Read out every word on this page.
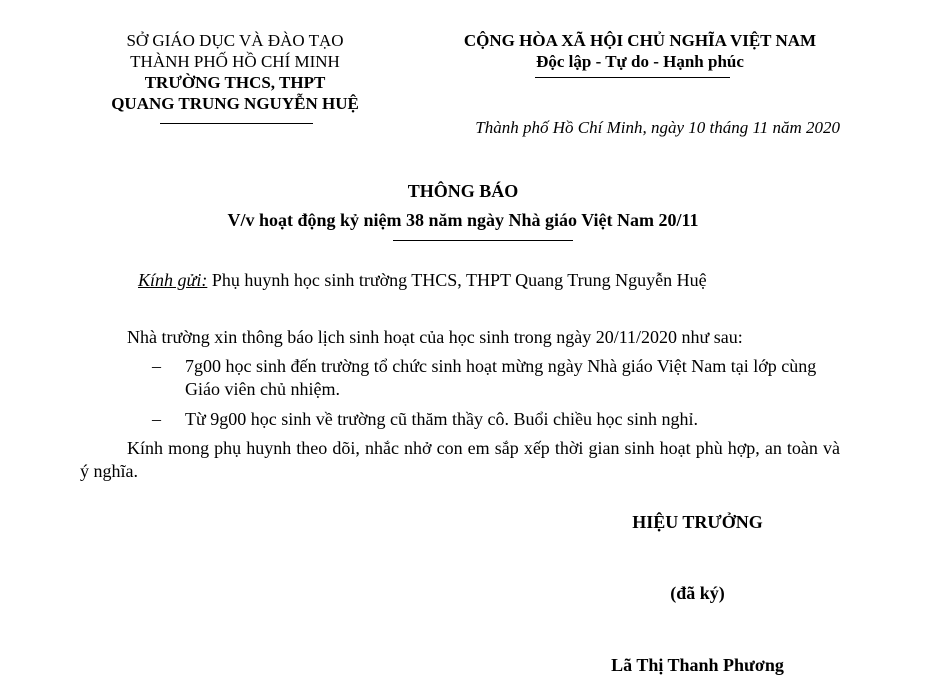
SỞ GIÁO DỤC VÀ ĐÀO TẠO
THÀNH PHỐ HỒ CHÍ MINH
TRƯỜNG THCS, THPT
QUANG TRUNG NGUYỄN HUỆ
CỘNG HÒA XÃ HỘI CHỦ NGHĨA VIỆT NAM
Độc lập - Tự do - Hạnh phúc
Thành phố Hồ Chí Minh, ngày 10 tháng 11 năm 2020
THÔNG BÁO
V/v hoạt động kỷ niệm 38 năm ngày Nhà giáo Việt Nam 20/11
Kính gửi: Phụ huynh học sinh trường THCS, THPT Quang Trung Nguyễn Huệ
Nhà trường xin thông báo lịch sinh hoạt của học sinh trong ngày 20/11/2020 như sau:
– 7g00 học sinh đến trường tổ chức sinh hoạt mừng ngày Nhà giáo Việt Nam tại lớp cùng Giáo viên chủ nhiệm.
– Từ 9g00 học sinh về trường cũ thăm thầy cô. Buổi chiều học sinh nghỉ.
Kính mong phụ huynh theo dõi, nhắc nhở con em sắp xếp thời gian sinh hoạt phù hợp, an toàn và ý nghĩa.
HIỆU TRƯỞNG
(đã ký)
Lã Thị Thanh Phương
